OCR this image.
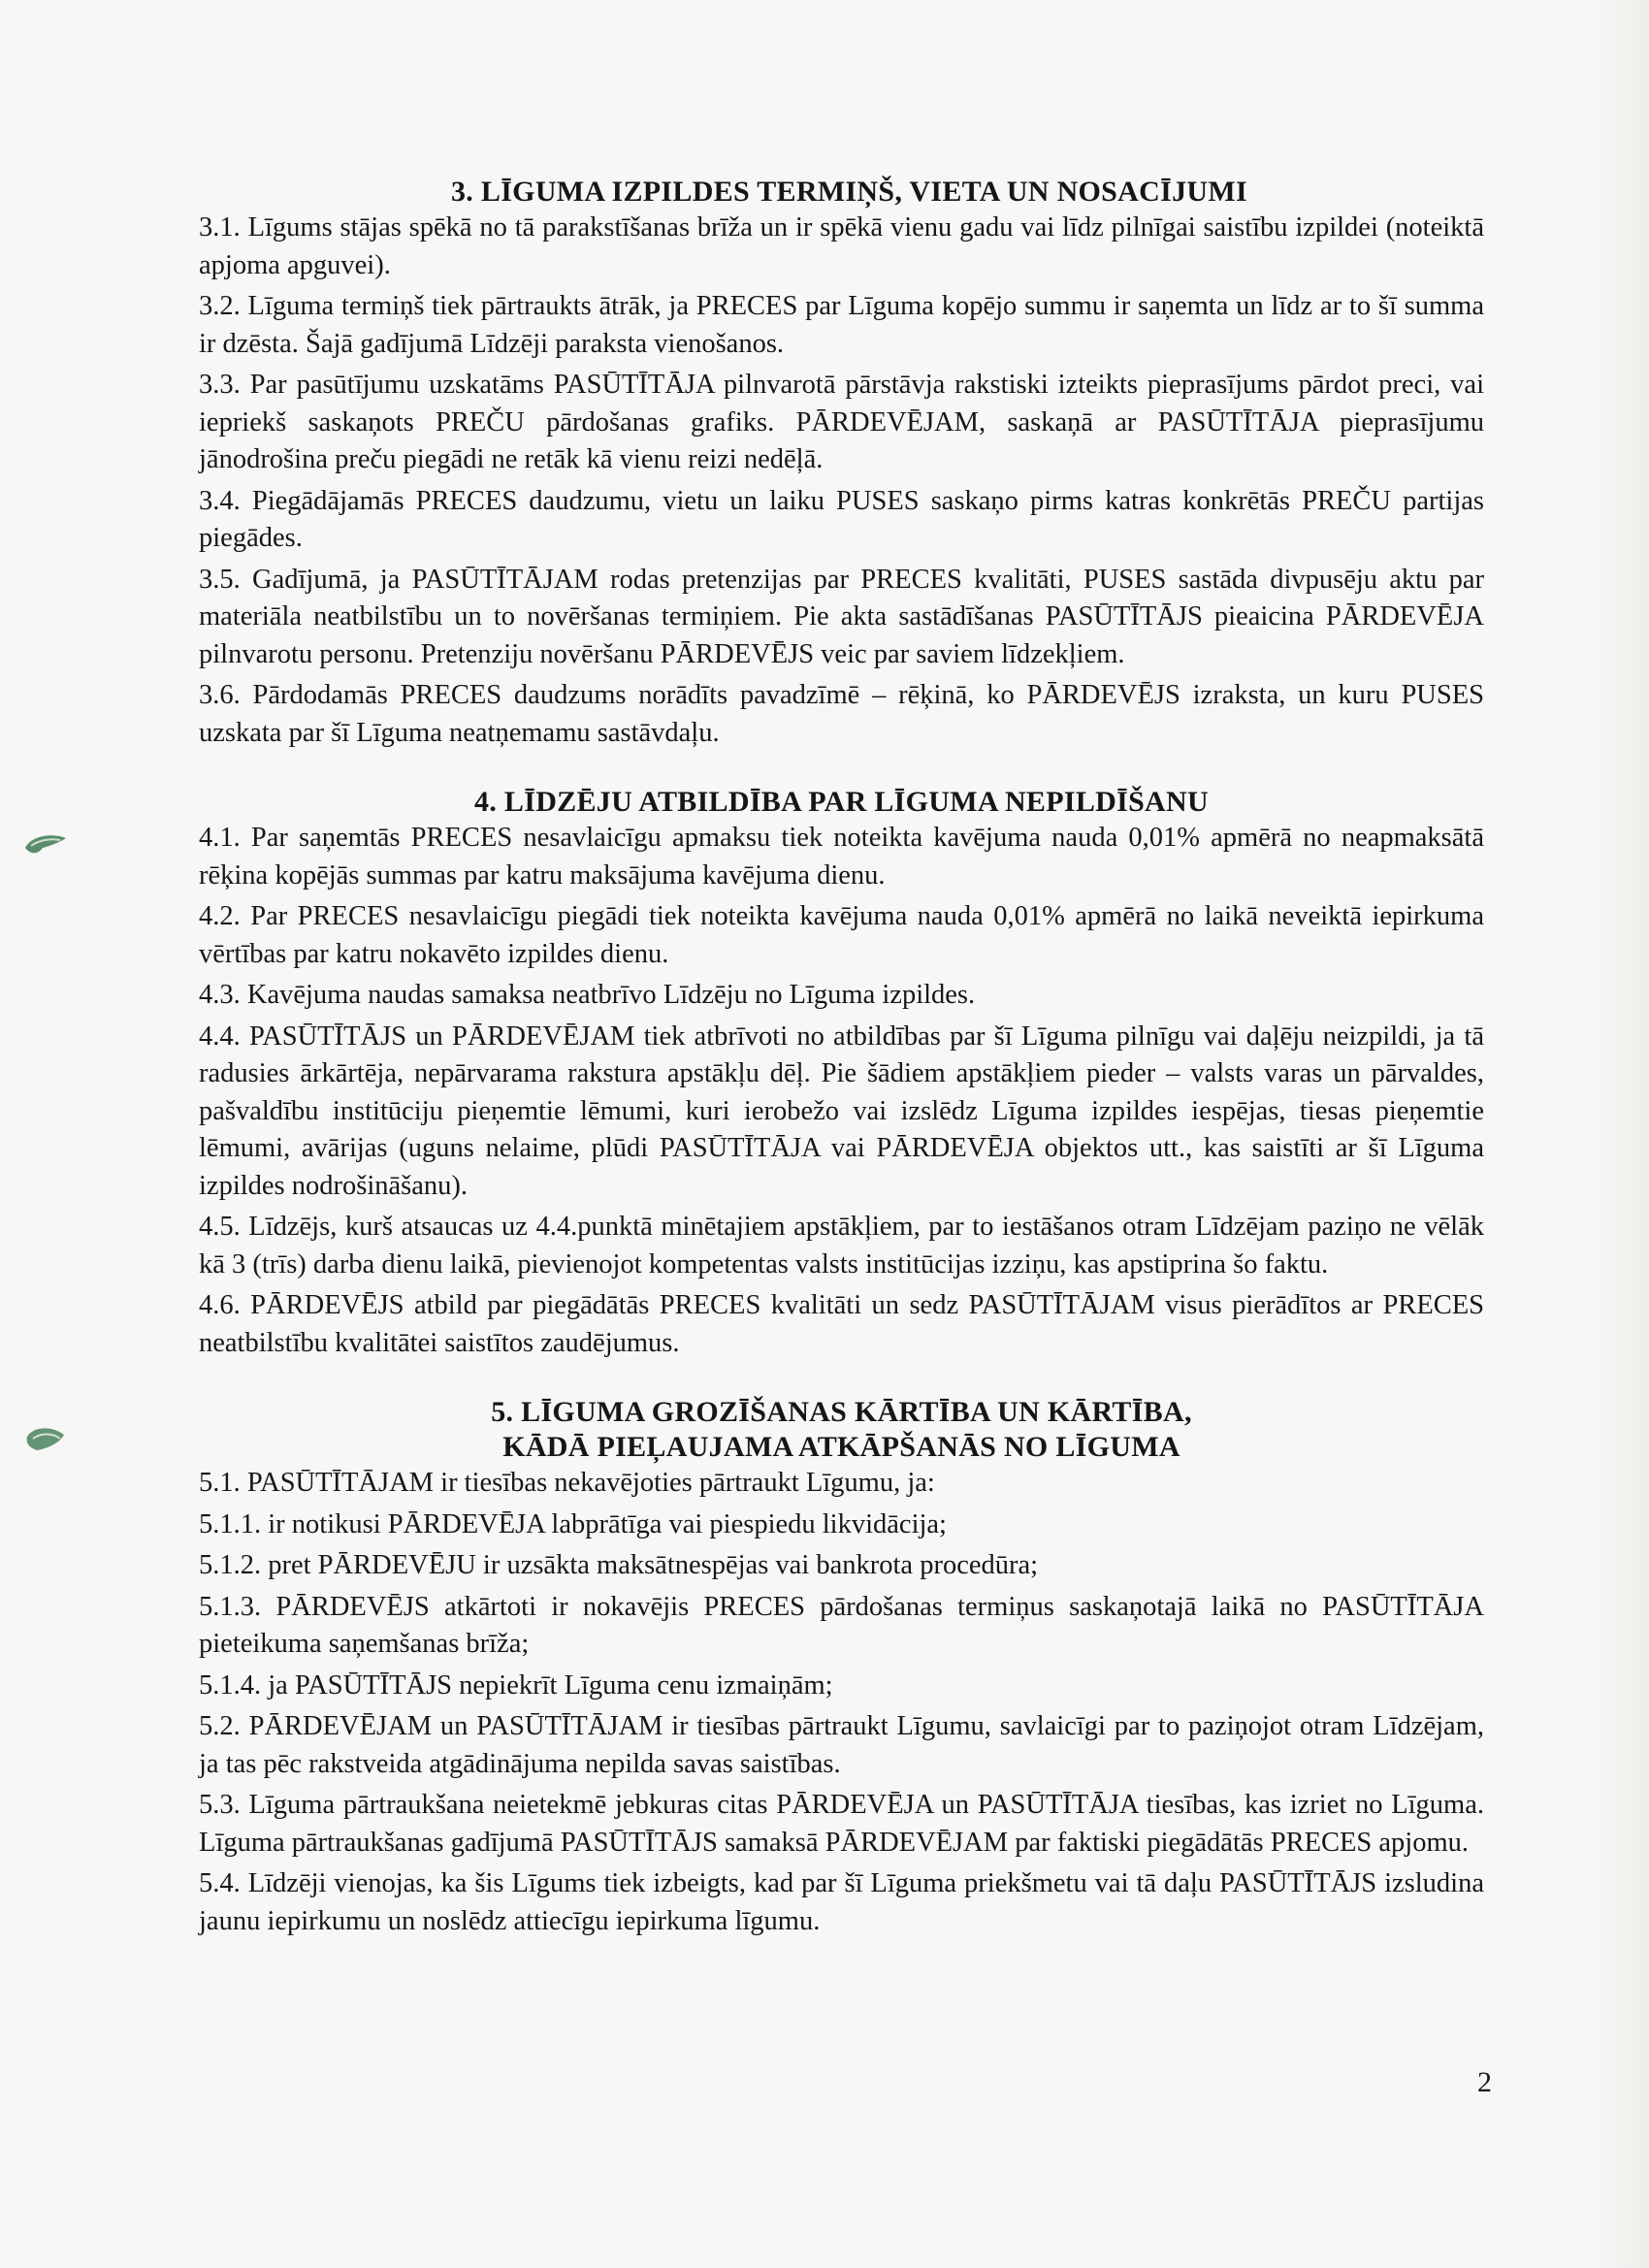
3. LĪGUMA IZPILDES TERMIŅŠ, VIETA UN NOSACĪJUMI

3.1. Līgums stājas spēkā no tā parakstīšanas brīža un ir spēkā vienu gadu vai līdz pilnīgai saistību izpildei (noteiktā apjoma apguvei).

3.2. Līguma termiņš tiek pārtraukts ātrāk, ja PRECES par Līguma kopējo summu ir saņemta un līdz ar to šī summa ir dzēsta. Šajā gadījumā Līdzēji paraksta vienošanos.

3.3. Par pasūtījumu uzskatāms PASŪTĪTĀJA pilnvarotā pārstāvja rakstiski izteikts pieprasījums pārdot preci, vai iepriekš saskaņots PREČU pārdošanas grafiks. PĀRDEVĒJAM, saskaņā ar PASŪTĪTĀJA pieprasījumu jānodrošina preču piegādi ne retāk kā vienu reizi nedēļā.

3.4. Piegādājamās PRECES daudzumu, vietu un laiku PUSES saskaņo pirms katras konkrētās PREČU partijas piegādes.

3.5. Gadījumā, ja PASŪTĪTĀJAM rodas pretenzijas par PRECES kvalitāti, PUSES sastāda divpusēju aktu par materiāla neatbilstību un to novēršanas termiņiem. Pie akta sastādīšanas PASŪTĪTĀJS pieaicina PĀRDEVĒJA pilnvarotu personu. Pretenziju novēršanu PĀRDEVĒJS veic par saviem līdzekļiem.

3.6. Pārdodamās PRECES daudzums norādīts pavadzīmē – rēķinā, ko PĀRDEVĒJS izraksta, un kuru PUSES uzskata par šī Līguma neatņemamu sastāvdaļu.

4. LĪDZĒJU ATBILDĪBA PAR LĪGUMA NEPILDĪŠANU

4.1. Par saņemtās PRECES nesavlaicīgu apmaksu tiek noteikta kavējuma nauda 0,01% apmērā no neapmaksātā rēķina kopējās summas par katru maksājuma kavējuma dienu.

4.2. Par PRECES nesavlaicīgu piegādi tiek noteikta kavējuma nauda 0,01% apmērā no laikā neveiktā iepirkuma vērtības par katru nokavēto izpildes dienu.

4.3. Kavējuma naudas samaksa neatbrīvo Līdzēju no Līguma izpildes.

4.4. PASŪTĪTĀJS un PĀRDEVĒJAM tiek atbrīvoti no atbildības par šī Līguma pilnīgu vai daļēju neizpildi, ja tā radusies ārkārtēja, nepārvarama rakstura apstākļu dēļ. Pie šādiem apstākļiem pieder – valsts varas un pārvaldes, pašvaldību institūciju pieņemtie lēmumi, kuri ierobežo vai izslēdz Līguma izpildes iespējas, tiesas pieņemtie lēmumi, avārijas (uguns nelaime, plūdi PASŪTĪTĀJA vai PĀRDEVĒJA objektos utt., kas saistīti ar šī Līguma izpildes nodrošināšanu).

4.5. Līdzējs, kurš atsaucas uz 4.4.punktā minētajiem apstākļiem, par to iestāšanos otram Līdzējam paziņo ne vēlāk kā 3 (trīs) darba dienu laikā, pievienojot kompetentas valsts institūcijas izziņu, kas apstiprina šo faktu.

4.6. PĀRDEVĒJS atbild par piegādātās PRECES kvalitāti un sedz PASŪTĪTĀJAM visus pierādītos ar PRECES neatbilstību kvalitātei saistītos zaudējumus.

5. LĪGUMA GROZĪŠANAS KĀRTĪBA UN KĀRTĪBA,
KĀDĀ PIEĻAUJAMA ATKĀPŠANĀS NO LĪGUMA

5.1. PASŪTĪTĀJAM ir tiesības nekavējoties pārtraukt Līgumu, ja:

5.1.1. ir notikusi PĀRDEVĒJA labprātīga vai piespiedu likvidācija;

5.1.2. pret PĀRDEVĒJU ir uzsākta maksātnespējas vai bankrota procedūra;

5.1.3. PĀRDEVĒJS atkārtoti ir nokavējis PRECES pārdošanas termiņus saskaņotajā laikā no PASŪTĪTĀJA pieteikuma saņemšanas brīža;

5.1.4. ja PASŪTĪTĀJS nepiekrīt Līguma cenu izmaiņām;

5.2. PĀRDEVĒJAM un PASŪTĪTĀJAM ir tiesības pārtraukt Līgumu, savlaicīgi par to paziņojot otram Līdzējam, ja tas pēc rakstveida atgādinājuma nepilda savas saistības.

5.3. Līguma pārtraukšana neietekmē jebkuras citas PĀRDEVĒJA un PASŪTĪTĀJA tiesības, kas izriet no Līguma. Līguma pārtraukšanas gadījumā PASŪTĪTĀJS samaksā PĀRDEVĒJAM par faktiski piegādātās PRECES apjomu.

5.4. Līdzēji vienojas, ka šis Līgums tiek izbeigts, kad par šī Līguma priekšmetu vai tā daļu PASŪTĪTĀJS izsludina jaunu iepirkumu un noslēdz attiecīgu iepirkuma līgumu.

2
